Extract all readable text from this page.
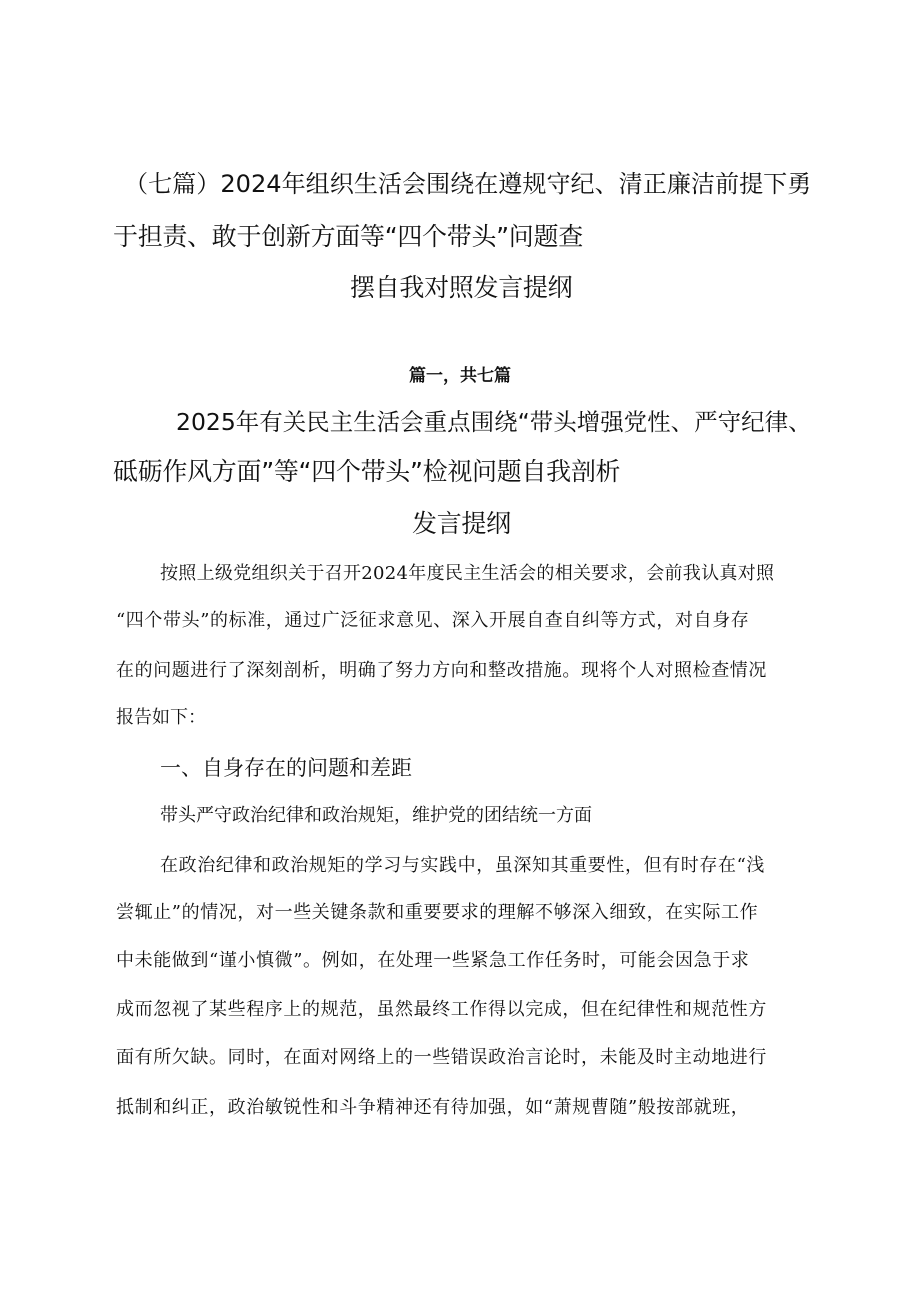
（七篇）2024年组织生活会围绕在遵规守纪、清正廉洁前提下勇
于担责、敢于创新方面等“四个带头”问题查
摆自我对照发言提纲
篇一，共七篇
2025年有关民主生活会重点围绕“带头增强党性、严守纪律、
砥砺作风方面”等“四个带头”检视问题自我剖析
发言提纲
按照上级党组织关于召开2024年度民主生活会的相关要求，会前我认真对照
“四个带头”的标准，通过广泛征求意见、深入开展自查自纠等方式，对自身存
在的问题进行了深刻剖析，明确了努力方向和整改措施。现将个人对照检查情况
报告如下：
一、自身存在的问题和差距
带头严守政治纪律和政治规矩，维护党的团结统一方面
在政治纪律和政治规矩的学习与实践中，虽深知其重要性，但有时存在“浅
尝辄止”的情况，对一些关键条款和重要要求的理解不够深入细致，在实际工作
中未能做到“谨小慎微”。例如，在处理一些紧急工作任务时，可能会因急于求
成而忽视了某些程序上的规范，虽然最终工作得以完成，但在纪律性和规范性方
面有所欠缺。同时，在面对网络上的一些错误政治言论时，未能及时主动地进行
抵制和纠正，政治敏锐性和斗争精神还有待加强，如“萧规曹随”般按部就班，
